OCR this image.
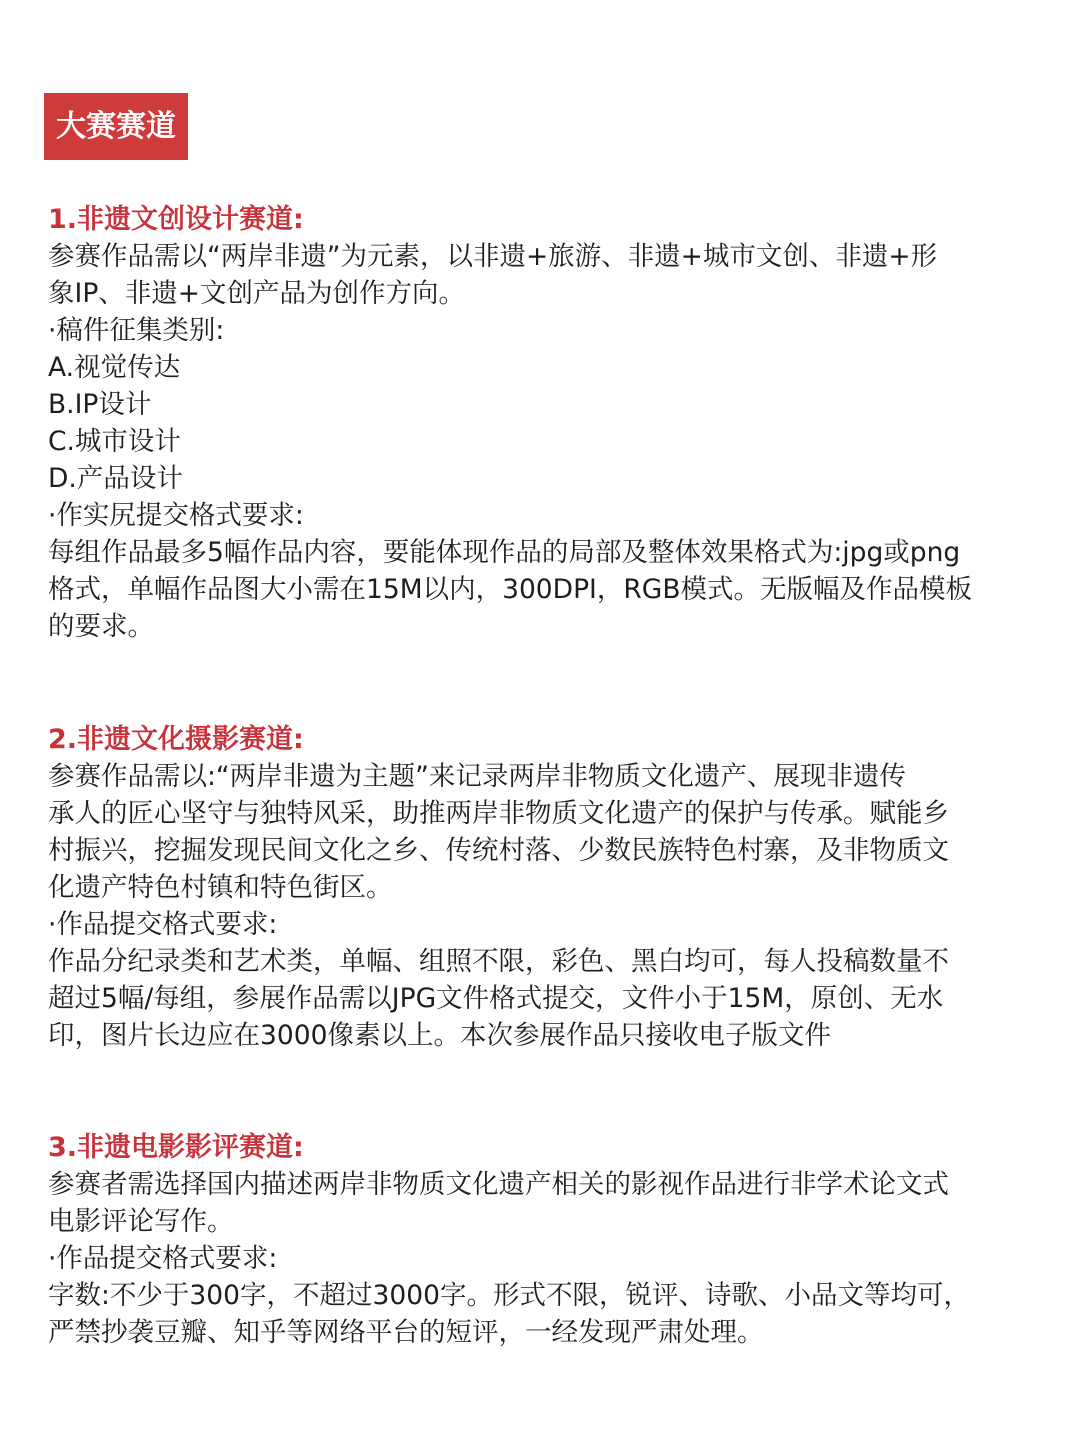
大赛赛道
1.非遗文创设计赛道:
参赛作品需以“两岸非遗”为元素，以非遗+旅游、非遗+城市文创、非遗+形
象IP、非遗+文创产品为创作方向。
·稿件征集类别:
A.视觉传达
B.IP设计
C.城市设计
D.产品设计
·作实尻提交格式要求:
每组作品最多5幅作品内容，要能体现作品的局部及整体效果格式为:jpg或png
格式，单幅作品图大小需在15M以内，300DPI，RGB模式。无版幅及作品模板
的要求。
2.非遗文化摄影赛道:
参赛作品需以:“两岸非遗为主题”来记录两岸非物质文化遗产、展现非遗传
承人的匠心坚守与独特风采，助推两岸非物质文化遗产的保护与传承。赋能乡
村振兴，挖掘发现民间文化之乡、传统村落、少数民族特色村寨，及非物质文
化遗产特色村镇和特色街区。
·作品提交格式要求:
作品分纪录类和艺术类，单幅、组照不限，彩色、黑白均可，每人投稿数量不
超过5幅/每组，参展作品需以JPG文件格式提交，文件小于15M，原创、无水
印，图片长边应在3000像素以上。本次参展作品只接收电子版文件
3.非遗电影影评赛道:
参赛者需选择国内描述两岸非物质文化遗产相关的影视作品进行非学术论文式
电影评论写作。
·作品提交格式要求:
字数:不少于300字，不超过3000字。形式不限，锐评、诗歌、小品文等均可，
严禁抄袭豆瓣、知乎等网络平台的短评，一经发现严肃处理。
